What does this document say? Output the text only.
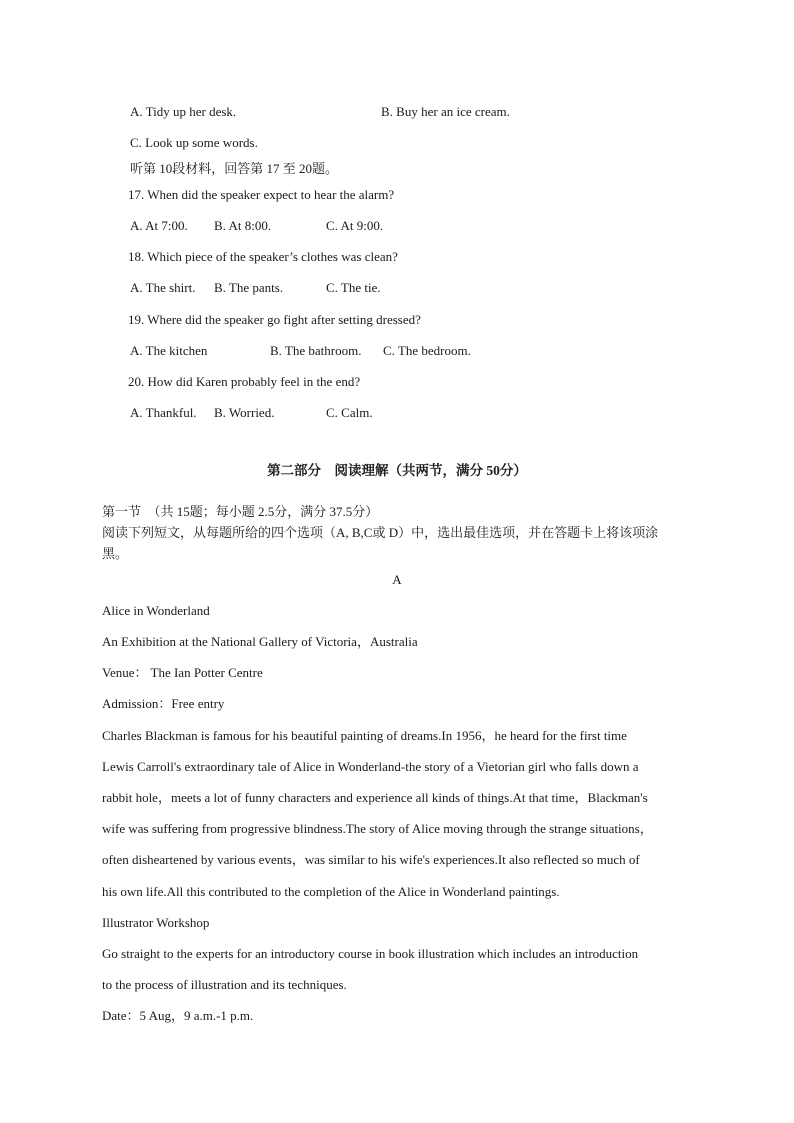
A. Tidy up her desk.	B. Buy her an ice cream.
C. Look up some words.
听第 10段材料，回答第 17 至 20题。
17. When did the speaker expect to hear the alarm?
A. At 7:00. B. At 8:00.	C. At 9:00.
18. Which piece of the speaker’s clothes was clean?
A. The shirt. B. The pants.	C. The tie.
19. Where did the speaker go fight after setting dressed?
A. The kitchen	B. The bathroom. C. The bedroom.
20. How did Karen probably feel in the end?
A. Thankful. B. Worried.	C. Calm.
第二部分　阅读理解（共两节，满分 50分）
第一节　（共 15题；每小题 2.5分，满分 37.5分）
阅读下列短文，从每题所给的四个选项（A, B,C或 D）中，选出最佳选项，并在答题卡上将该项涂
黑。
A
Alice in Wonderland
An Exhibition at the National Gallery of Victoria，Australia
Venue： The Ian Potter Centre
Admission：Free entry
Charles Blackman is famous for his beautiful painting of dreams.In 1956，he heard for the first time
Lewis Carroll's extraordinary tale of Alice in Wonderland-the story of a Vietorian girl who falls down a
rabbit hole，meets a lot of funny characters and experience all kinds of things.At that time，Blackman's
wife was suffering from progressive blindness.The story of Alice moving through the strange situations，
often disheartened by various events，was similar to his wife's experiences.It also reflected so much of
his own life.All this contributed to the completion of the Alice in Wonderland paintings.
Illustrator Workshop
Go straight to the experts for an introductory course in book illustration which includes an introduction
to the process of illustration and its techniques.
Date：5 Aug，9 a.m.-1 p.m.
